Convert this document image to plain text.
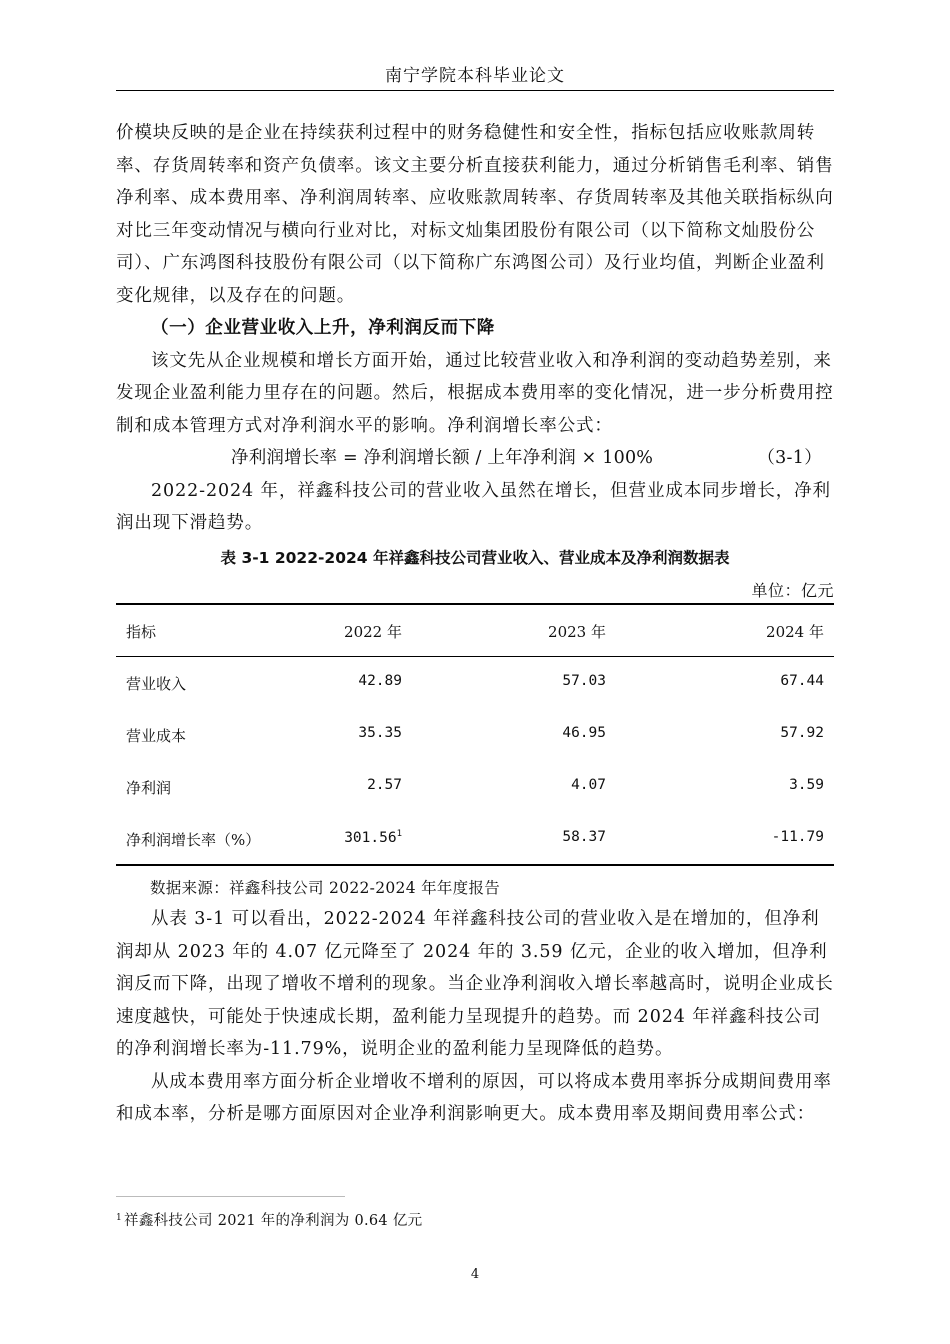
南宁学院本科毕业论文
价模块反映的是企业在持续获利过程中的财务稳健性和安全性，指标包括应收账款周转率、存货周转率和资产负债率。该文主要分析直接获利能力，通过分析销售毛利率、销售净利率、成本费用率、净利润周转率、应收账款周转率、存货周转率及其他关联指标纵向对比三年变动情况与横向行业对比，对标文灿集团股份有限公司（以下简称文灿股份公司）、广东鸿图科技股份有限公司（以下简称广东鸿图公司）及行业均值，判断企业盈利变化规律，以及存在的问题。
（一）企业营业收入上升，净利润反而下降
该文先从企业规模和增长方面开始，通过比较营业收入和净利润的变动趋势差别，来发现企业盈利能力里存在的问题。然后，根据成本费用率的变化情况，进一步分析费用控制和成本管理方式对净利润水平的影响。净利润增长率公式：
净利润增长率 = 净利润增长额 / 上年净利润 × 100%	（3-1）
2022-2024 年，祥鑫科技公司的营业收入虽然在增长，但营业成本同步增长，净利润出现下滑趋势。
表 3-1 2022-2024 年祥鑫科技公司营业收入、营业成本及净利润数据表
单位：亿元
指标	2022 年	2023 年	2024 年
营业收入	42.89	57.03	67.44
营业成本	35.35	46.95	57.92
净利润	2.57	4.07	3.59
净利润增长率（%）	301.56$^1$	58.37	-11.79
数据来源：祥鑫科技公司 2022-2024 年年度报告
从表 3-1 可以看出，2022-2024 年祥鑫科技公司的营业收入是在增加的，但净利润却从 2023 年的 4.07 亿元降至了 2024 年的 3.59 亿元，企业的收入增加，但净利润反而下降，出现了增收不增利的现象。当企业净利润收入增长率越高时，说明企业成长速度越快，可能处于快速成长期，盈利能力呈现提升的趋势。而 2024 年祥鑫科技公司的净利润增长率为-11.79%，说明企业的盈利能力呈现降低的趋势。
从成本费用率方面分析企业增收不增利的原因，可以将成本费用率拆分成期间费用率和成本率，分析是哪方面原因对企业净利润影响更大。成本费用率及期间费用率公式：
$^1$ 祥鑫科技公司 2021 年的净利润为 0.64 亿元
4
